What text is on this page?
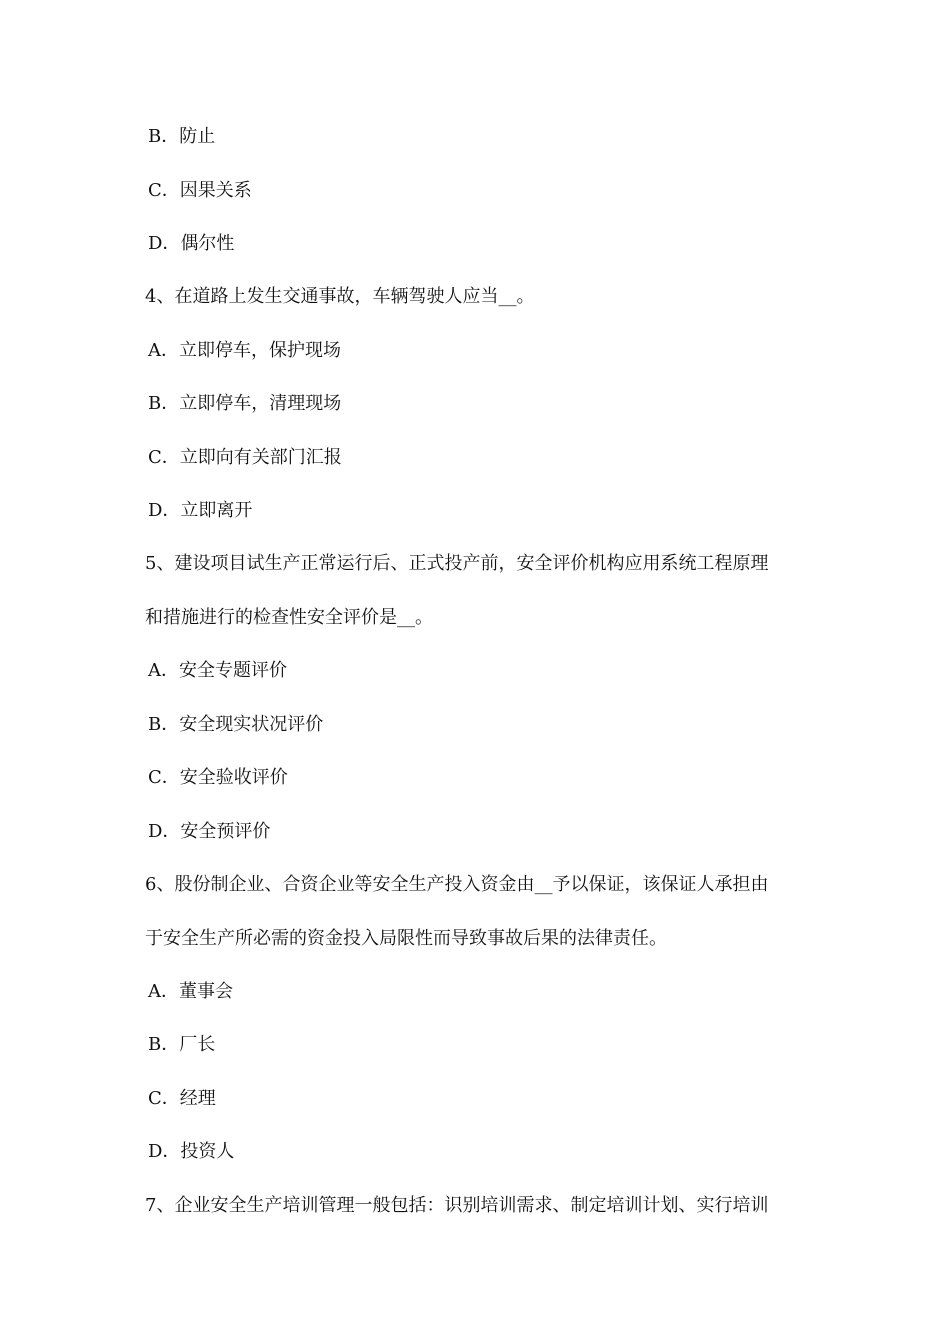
B．防止
C．因果关系
D．偶尔性
4、在道路上发生交通事故，车辆驾驶人应当__。
A．立即停车，保护现场
B．立即停车，清理现场
C．立即向有关部门汇报
D．立即离开
5、建设项目试生产正常运行后、正式投产前，安全评价机构应用系统工程原理
和措施进行的检查性安全评价是__。
A．安全专题评价
B．安全现实状况评价
C．安全验收评价
D．安全预评价
6、股份制企业、合资企业等安全生产投入资金由__予以保证，该保证人承担由
于安全生产所必需的资金投入局限性而导致事故后果的法律责任。
A．董事会
B．厂长
C．经理
D．投资人
7、企业安全生产培训管理一般包括：识别培训需求、制定培训计划、实行培训
